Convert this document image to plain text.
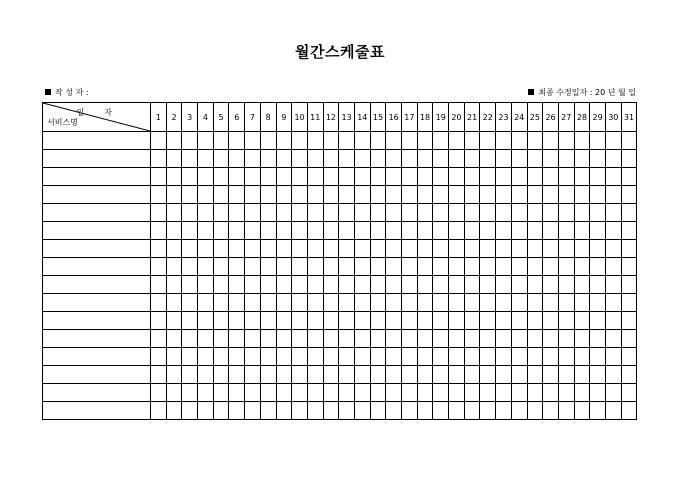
월간스케줄표
작 성 자 :	최종 수정일자 : 20 년 월 일
일자
서비스명	1	2	3	4	5	6	7	8	9	10	11	12	13	14	15	16	17	18	19	20	21	22	23	24	25	26	27	28	29	30	31
